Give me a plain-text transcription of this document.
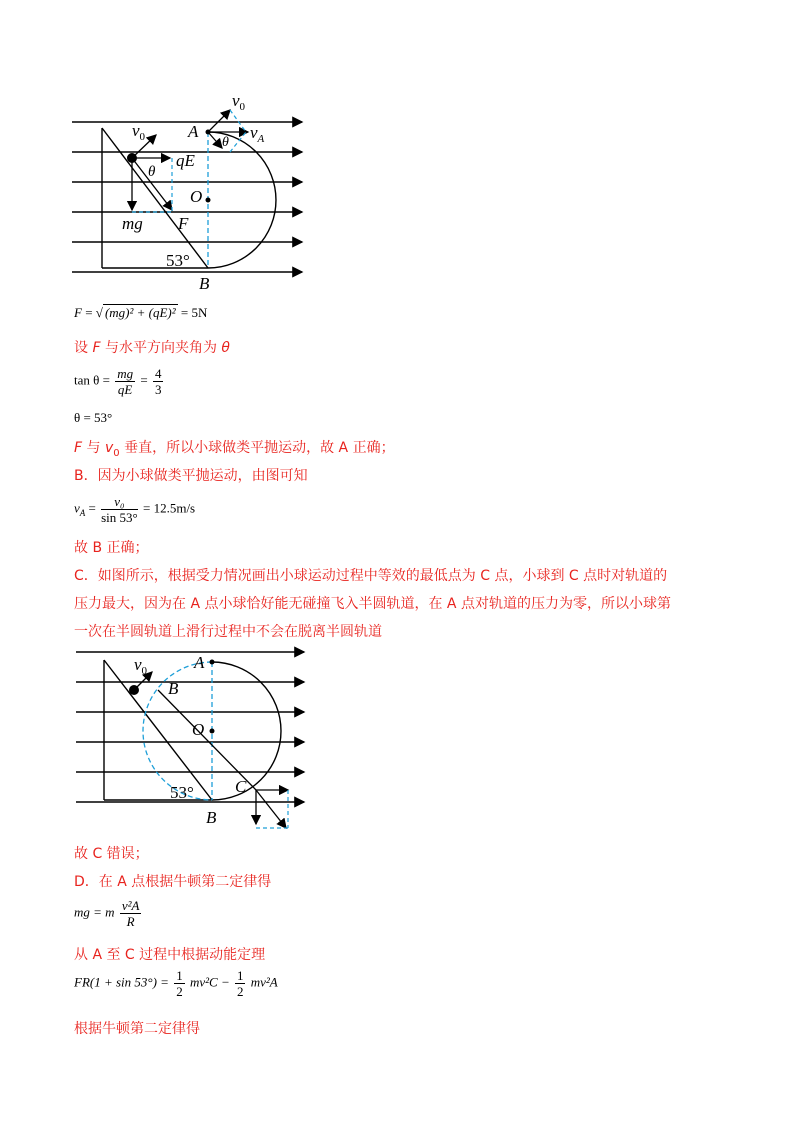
$v_0$
$v_0$	A	$v_A$
θ
qE
θ
O
mg F
53°
B
F = √ (mg)² + (qE)² = 5N
设 F 与水平方向夹角为 θ
$\tan \theta = \frac{mg}{qE} = \frac{4}{3}$
θ = 53°
F 与 $v_0$ 垂直，所以小球做类平抛运动，故 A 正确；
B．因为小球做类平抛运动，由图可知
$v_A = \frac{\text{v₀}}{\sin 53^\circ} = 12.5m/s$
故 B 正确；
C．如图所示，根据受力情况画出小球运动过程中等效的最低点为 C 点，小球到 C 点时对轨道的
压力最大，因为在 A 点小球恰好能无碰撞飞入半圆轨道，在 A 点对轨道的压力为零，所以小球第
一次在半圆轨道上滑行过程中不会在脱离半圆轨道
$v_0$	A
B
O
C
53°
B
故 C 错误；
D．在 A 点根据牛顿第二定律得
mg = m $\frac{\text{v²A}}{R}$
从 A 至 C 过程中根据动能定理
$FR(1 + \sin 53^\circ) = \frac{1}{2} mv^2C - \frac{1}{2} mv^2A$
根据牛顿第二定律得
